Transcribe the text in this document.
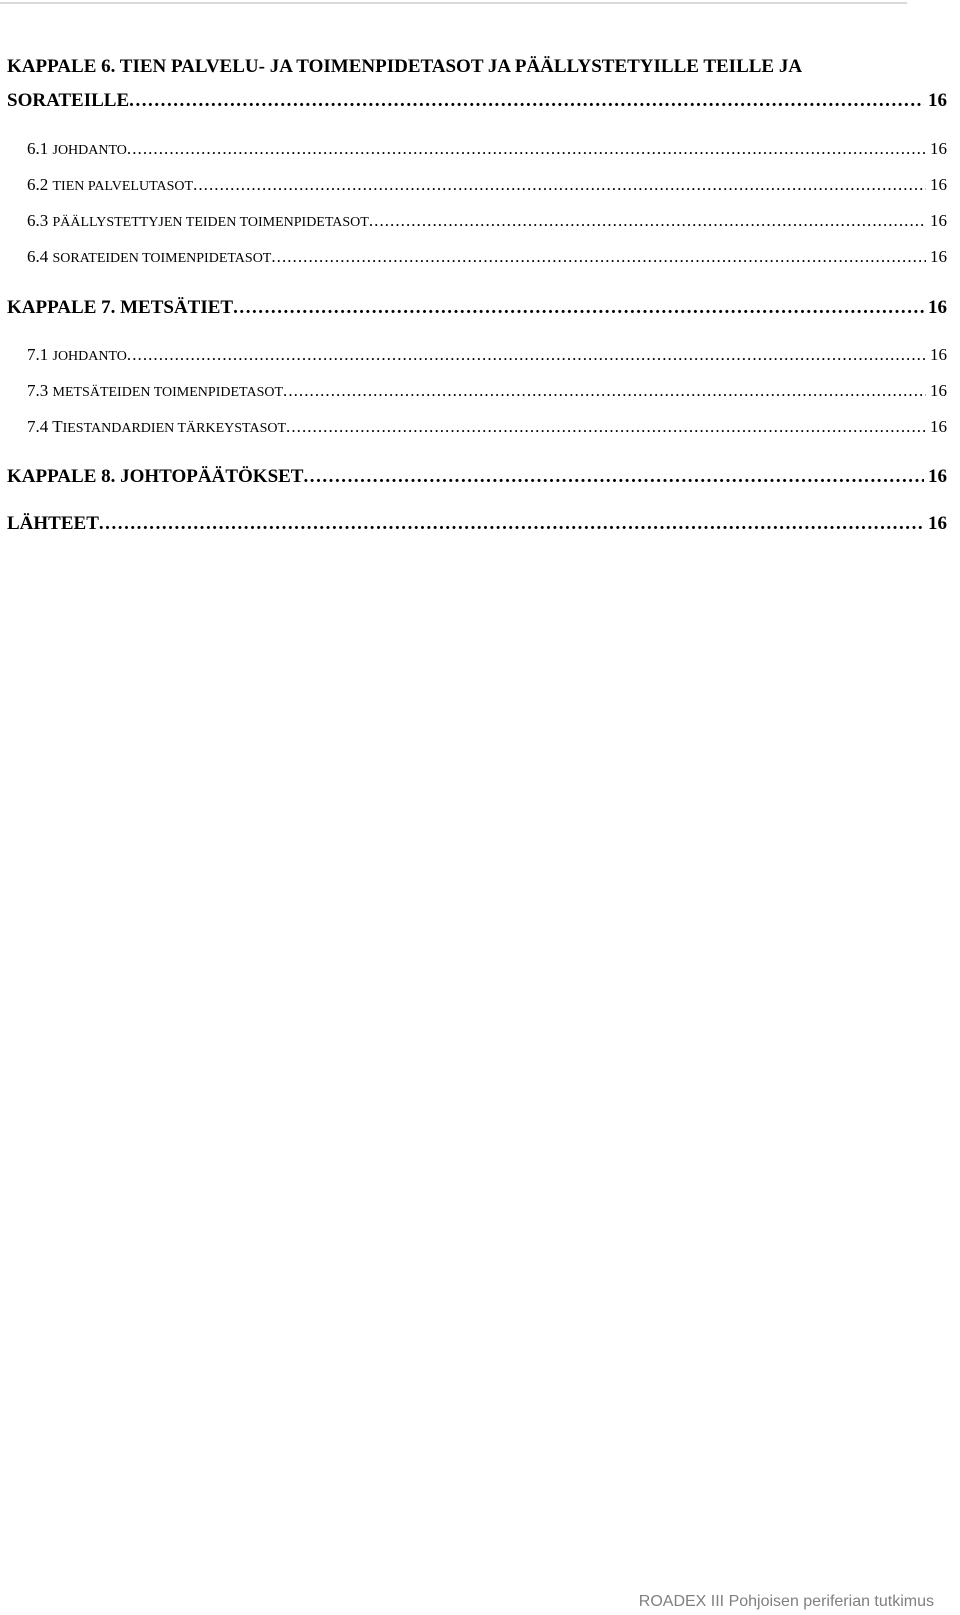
KAPPALE 6. TIEN PALVELU- JA TOIMENPIDETASOT JA PÄÄLLYSTETYILLE TEILLE JA
SORATEILLE . . .	16
6.1 JOHDANTO . . .	16
6.2 TIEN PALVELUTASOT . . .	16
6.3 PÄÄLLYSTETTYJEN TEIDEN TOIMENPIDETASOT . . .	16
6.4 SORATEIDEN TOIMENPIDETASOT . . .	16
KAPPALE 7. METSÄTIET . . .	16
7.1 JOHDANTO . . .	16
7.3 METSÄTEIDEN TOIMENPIDETASOT . . .	16
7.4 TIESTANDARDIEN TÄRKEYSTASOT . . .	16
KAPPALE 8. JOHTOPÄÄTÖKSET . . .	16
LÄHTEET . . .	16
ROADEX III Pohjoisen periferian tutkimus
